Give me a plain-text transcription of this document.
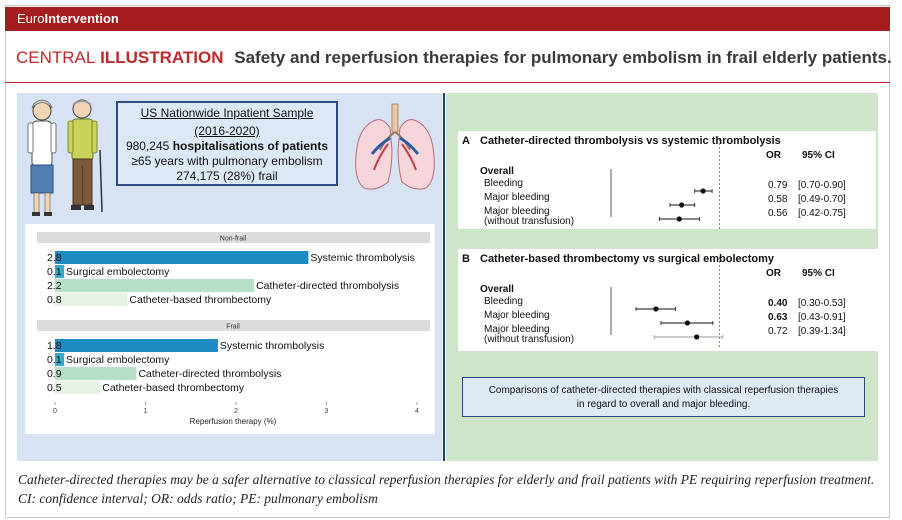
EuroIntervention
CENTRAL ILLUSTRATION Safety and reperfusion therapies for pulmonary embolism in frail elderly patients.
US Nationwide Inpatient Sample
(2016-2020)
980,245 hospitalisations of patients
≥65 years with pulmonary embolism
274,175 (28%) frail
Non-frail
2.8	Systemic thrombolysis
0.1 Surgical embolectomy
2.2	Catheter-directed thrombolysis
0.8	Catheter-based thrombectomy
Frail
1.8	Systemic thrombolysis
0.1 Surgical embolectomy
0.9	Catheter-directed thrombolysis
0.5	Catheter-based thrombectomy
0	1	2	3	4
Reperfusion therapy (%)
A Catheter-directed thrombolysis vs systemic thrombolysis
OR 95% CI
Overall
Bleeding	0.79 [0.70-0.90]
Major bleeding	0.58 [0.49-0.70]
Major bleeding
(without transfusion)
0.56 [0.42-0.75]
B Catheter-based thrombectomy vs surgical embolectomy
OR 95% CI
Overall
Bleeding	0.40 [0.30-0.53]
Major bleeding	0.63 [0.43-0.91]
Major bleeding
(without transfusion)
0.72 [0.39-1.34]
Comparisons of catheter-directed therapies with classical reperfusion therapies
in regard to overall and major bleeding.
Catheter-directed therapies may be a safer alternative to classical reperfusion therapies for elderly and frail patients with PE requiring reperfusion treatment. CI: confidence interval; OR: odds ratio; PE: pulmonary embolism
